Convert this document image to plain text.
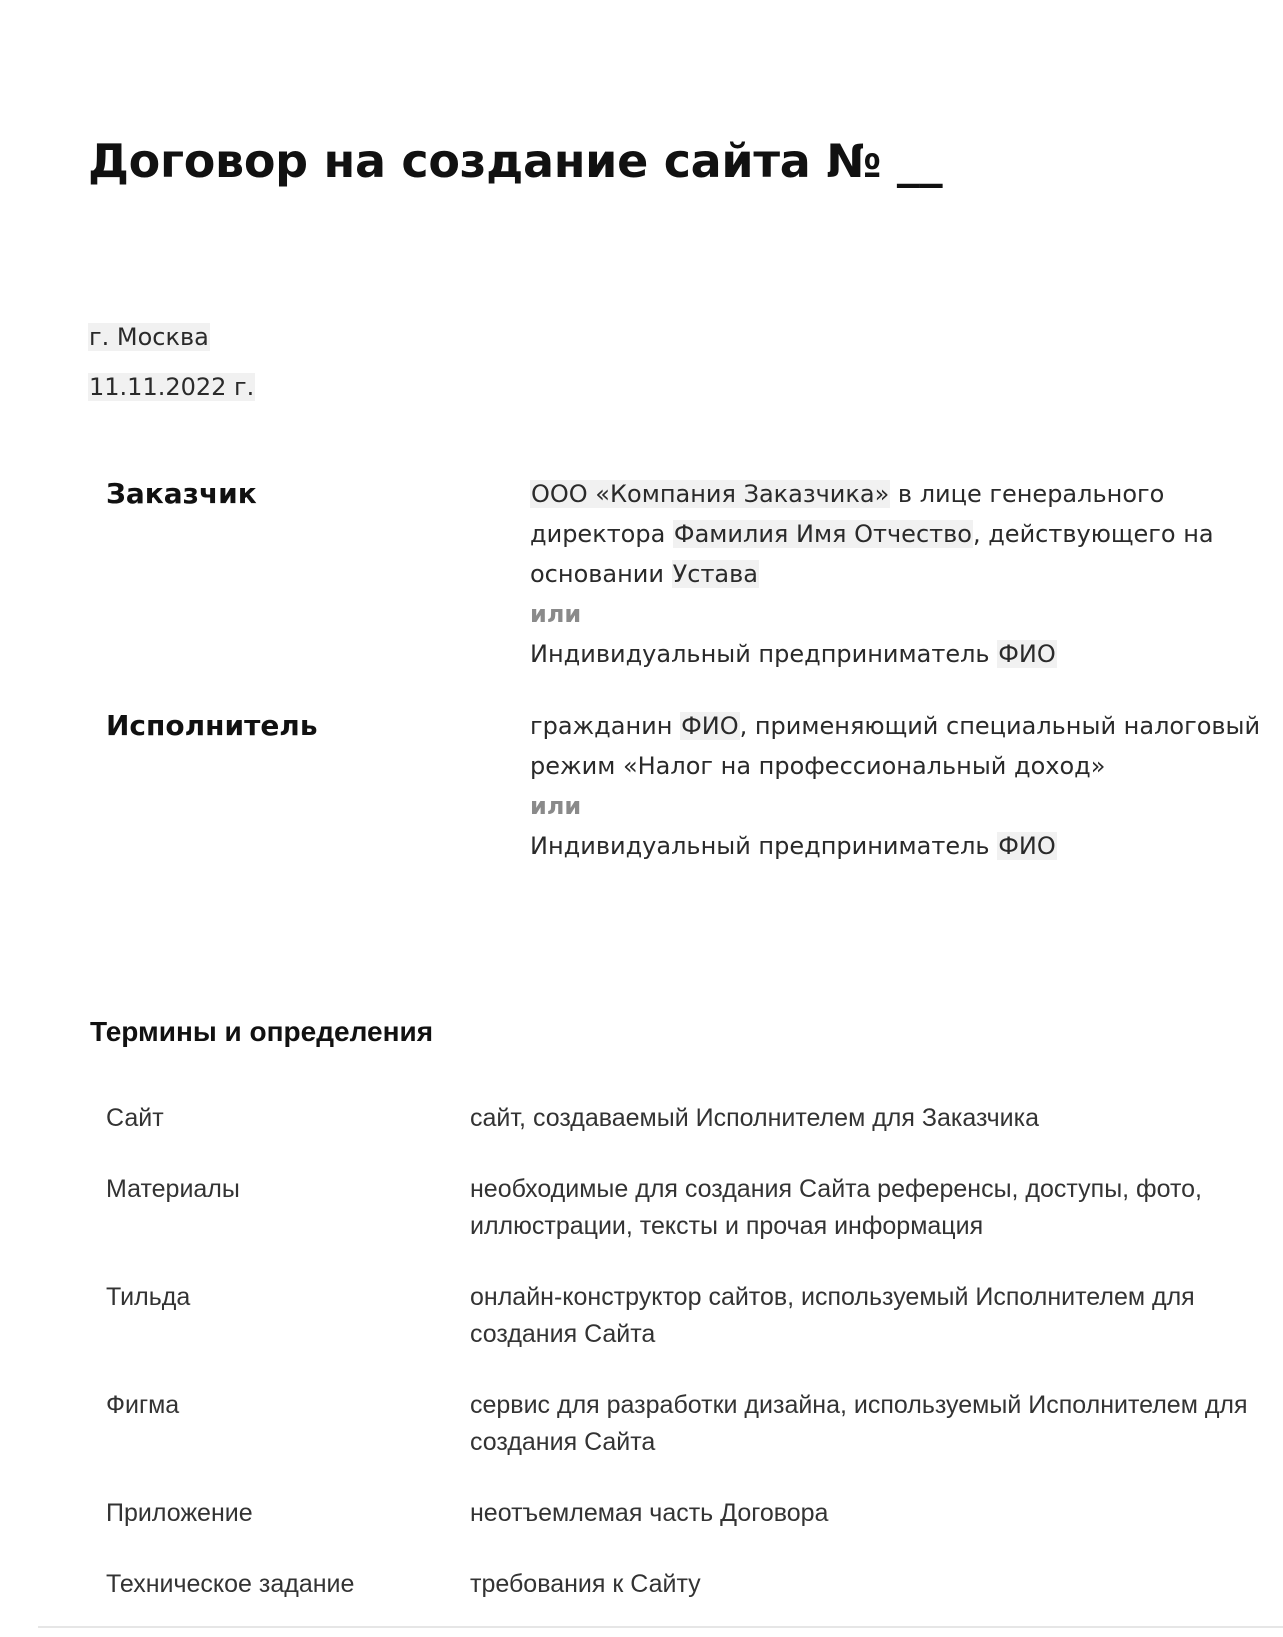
Договор на создание сайта № __
г. Москва
11.11.2022 г.
Заказчик	ООО «Компания Заказчика» в лице генерального директора Фамилия Имя Отчество, действующего на основании Устава
или
Индивидуальный предприниматель ФИО
Исполнитель	гражданин ФИО, применяющий специальный налоговый режим «Налог на профессиональный доход»
или
Индивидуальный предприниматель ФИО
Термины и определения
Сайт	сайт, создаваемый Исполнителем для Заказчика
Материалы	необходимые для создания Сайта референсы, доступы, фото, иллюстрации, тексты и прочая информация
Тильда	онлайн-конструктор сайтов, используемый Исполнителем для создания Сайта
Фигма	сервис для разработки дизайна, используемый Исполнителем для создания Сайта
Приложение	неотъемлемая часть Договора
Техническое задание	требования к Сайту
